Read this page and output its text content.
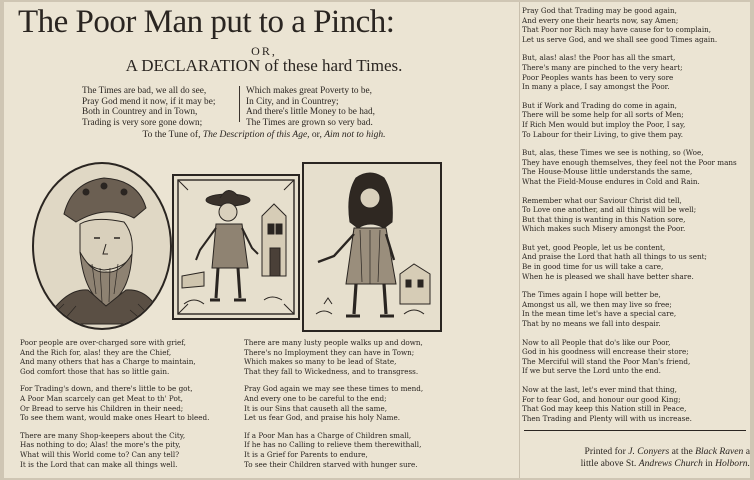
The Poor Man put to a Pinch:
OR,
A DECLARATION of these hard Times.
The Times are bad, we all do see,
Pray God mend it now, if it may be;
Both in Countrey and in Town,
Trading is very sore gone down;
Which makes great Poverty to be,
In City, and in Countrey;
And there's little Money to be had,
The Times are grown so very bad.
To the Tune of, The Description of this Age, or, Aim not to high.

Poor people are over-charged sore with grief,
And the Rich for, alas! they are the Chief,
And many others that has a Charge to maintain,
God comfort those that has so little gain.

For Trading's down, and there's little to be got,
A Poor Man scarcely can get Meat to th' Pot,
Or Bread to serve his Children in their need;
To see them want, would make ones Heart to bleed.

There are many Shop-keepers about the City,
Has nothing to do; Alas! the more's the pity,
What will this World come to? Can any tell?
It is the Lord that can make all things well.

There are many lusty people walks up and down,
There's no Imployment they can have in Town;
Which makes so many to be lead of State,
That they fall to Wickedness, and to transgress.

Pray God again we may see these times to mend,
And every one to be careful to the end;
It is our Sins that causeth all the same,
Let us fear God, and praise his holy Name.

If a Poor Man has a Charge of Children small,
If he has no Calling to relieve them therewithall,
It is a Grief for Parents to endure,
To see their Children starved with hunger sure.

Pray God that Trading may be good again,
And every one their hearts now, say Amen;
That Poor nor Rich may have cause for to complain,
Let us serve God, and we shall see good Times again.

But, alas! alas! the Poor has all the smart,
There's many are pinched to the very heart;
Poor Peoples wants has been to very sore
In many a place, I say amongst the Poor.

But if Work and Trading do come in again,
There will be some help for all sorts of Men;
If Rich Men would but imploy the Poor, I say,
To Labour for their Living, to give them pay.

But, alas, these Times we see is nothing, so (Woe,
They have enough themselves, they feel not the Poor mans
The House-Mouse little understands the same,
What the Field-Mouse endures in Cold and Rain.

Remember what our Saviour Christ did tell,
To Love one another, and all things will be well;
But that thing is wanting in this Nation sore,
Which makes such Misery amongst the Poor.

But yet, good People, let us be content,
And praise the Lord that hath all things to us sent;
Be in good time for us will take a care,
When he is pleased we shall have better share.

The Times again I hope will better be,
Amongst us all, we then may live so free;
In the mean time let's have a special care,
That by no means we fall into despair.

Now to all People that do's like our Poor,
God in his goodness will encrease their store;
The Merciful will stand the Poor Man's friend,
If we but serve the Lord unto the end.

Now at the last, let's ever mind that thing,
For to fear God, and honour our good King;
That God may keep this Nation still in Peace,
Then Trading and Plenty will with us increase.

Printed for J. Conyers at the Black Raven a
little above St. Andrews Church in Holborn.
